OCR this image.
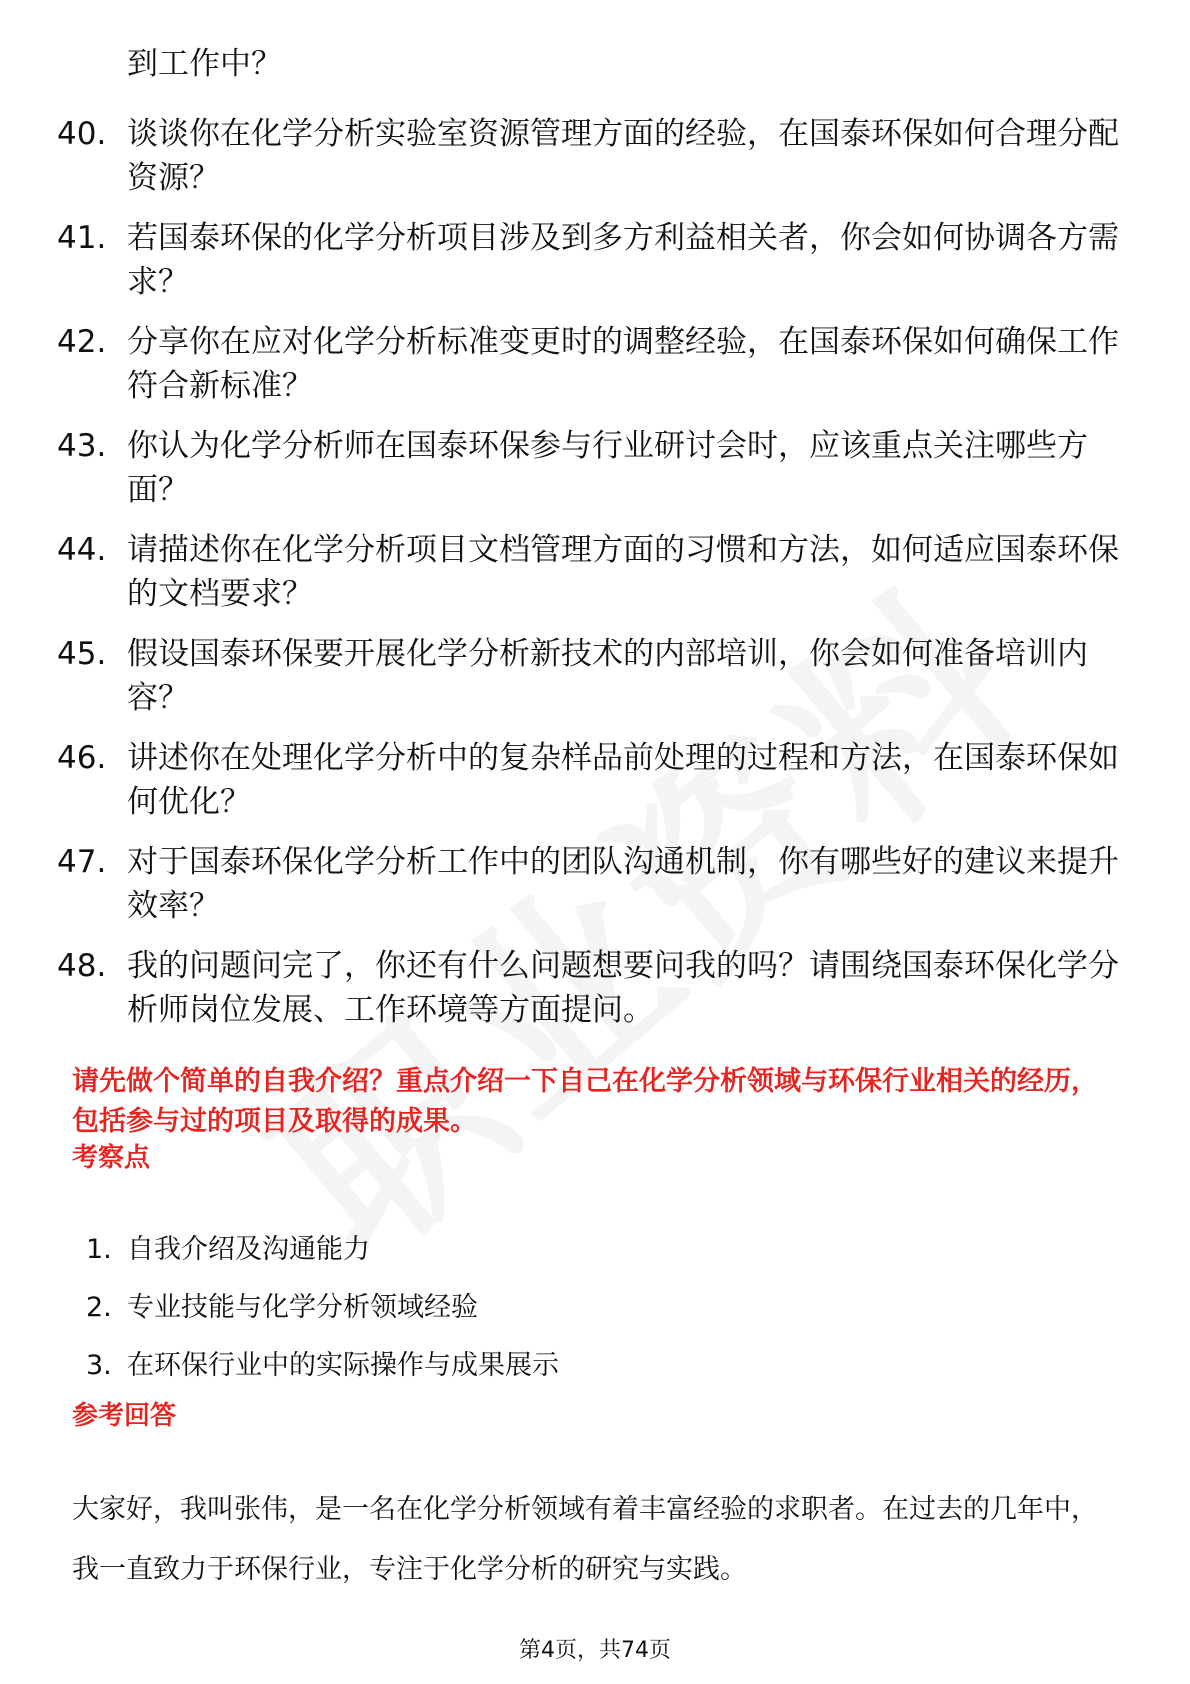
到工作中？
40. 谈谈你在化学分析实验室资源管理方面的经验，在国泰环保如何合理分配资源？
41. 若国泰环保的化学分析项目涉及到多方利益相关者，你会如何协调各方需求？
42. 分享你在应对化学分析标准变更时的调整经验，在国泰环保如何确保工作符合新标准？
43. 你认为化学分析师在国泰环保参与行业研讨会时，应该重点关注哪些方面？
44. 请描述你在化学分析项目文档管理方面的习惯和方法，如何适应国泰环保的文档要求？
45. 假设国泰环保要开展化学分析新技术的内部培训，你会如何准备培训内容？
46. 讲述你在处理化学分析中的复杂样品前处理的过程和方法，在国泰环保如何优化？
47. 对于国泰环保化学分析工作中的团队沟通机制，你有哪些好的建议来提升效率？
48. 我的问题问完了，你还有什么问题想要问我的吗？请围绕国泰环保化学分析师岗位发展、工作环境等方面提问。
请先做个简单的自我介绍？重点介绍一下自己在化学分析领域与环保行业相关的经历，包括参与过的项目及取得的成果。
考察点
1. 自我介绍及沟通能力
2. 专业技能与化学分析领域经验
3. 在环保行业中的实际操作与成果展示
参考回答
大家好，我叫张伟，是一名在化学分析领域有着丰富经验的求职者。在过去的几年中，我一直致力于环保行业，专注于化学分析的研究与实践。
第4页，共74页
